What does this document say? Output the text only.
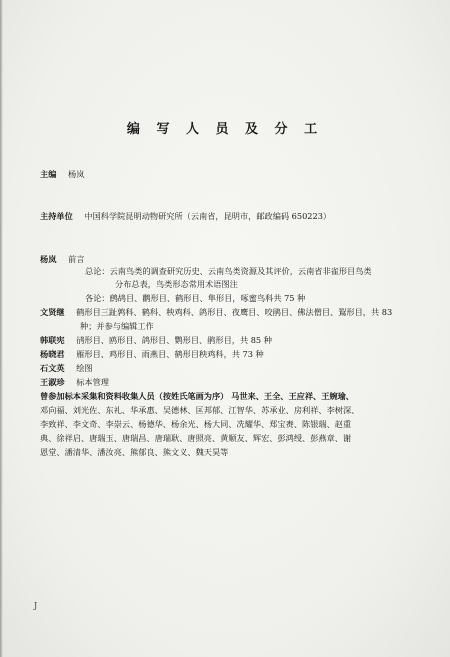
编 写 人 员 及 分 工
主编 杨岚
主持单位 中国科学院昆明动物研究所（云南省，昆明市，邮政编码 650223）
杨岚 前言
总论：云南鸟类的调查研究历史、云南鸟类资源及其评价，云南省非雀形目鸟类
分布总表，鸟类形态常用术语图注
各论：鹧鸪目、鹳形目、鹤形目、隼形目，啄蜜鸟科共 75 种
文贤继 鹤形目三趾鹑科、鹤科、秧鸡科、鸽形目、夜鹰目、咬鹃目、佛法僧目、鴷形目，共 83
种；并参与编辑工作
韩联宪 鸻形目、鸥形目、鸽形目、鹦形目、鹃形目，共 85 种
杨晓君 雁形目、鸡形目、雨燕目、鹤形目秧鸡科，共 73 种
石文英 绘图
王淑珍 标本管理
曾参加标本采集和资料收集人员（按姓氏笔画为序） 马世来、王全、王应祥、王婉瑜、
邓向福、刘光佐、东礼、华承惠、吴德林、匡邦郁、江智华、苏承业、房利祥、李树深、
李致祥、李文奇、李崇云、杨德华、杨余光、杨大同、冼耀华、郑宝赉、陈银瑞、赵重
典、徐祥启、唐瑞玉、唐瑞昌、唐瑞耿、唐照亮、黄顺友、辉宏、彭鸿绶、彭燕章、谢
恩堂、潘清华、潘汝亮、熊郁良、熊文义、魏天昊等
J
